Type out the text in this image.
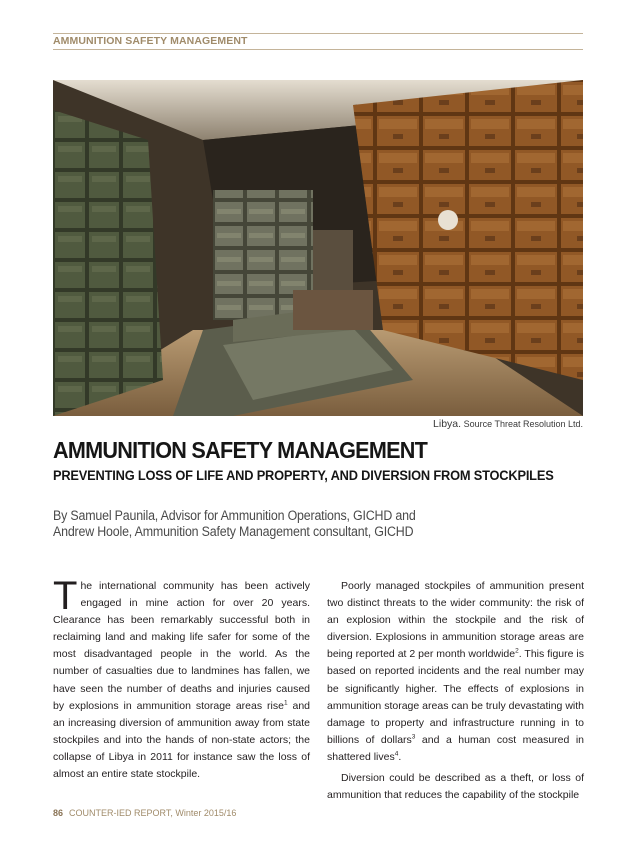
AMMUNITION SAFETY MANAGEMENT
Libya. Source Threat Resolution Ltd.
AMMUNITION SAFETY MANAGEMENT
PREVENTING LOSS OF LIFE AND PROPERTY, AND DIVERSION FROM STOCKPILES
By Samuel Paunila, Advisor for Ammunition Operations, GICHD and
Andrew Hoole, Ammunition Safety Management consultant, GICHD

The international community has been actively engaged in mine action for over 20 years. Clearance has been remarkably successful both in reclaiming land and making life safer for some of the most disadvantaged people in the world. As the number of casualties due to landmines has fallen, we have seen the number of deaths and injuries caused by explosions in ammunition storage areas rise$^1$ and an increasing diversion of ammunition away from state stockpiles and into the hands of non-state actors; the collapse of Libya in 2011 for instance saw the loss of almost an entire state stockpile.

Poorly managed stockpiles of ammunition present two distinct threats to the wider community: the risk of an explosion within the stockpile and the risk of diversion. Explosions in ammunition storage areas are being reported at 2 per month worldwide$^2$. This figure is based on reported incidents and the real number may be significantly higher. The effects of explosions in ammunition storage areas can be truly devastating with damage to property and infrastructure running in to billions of dollars$^3$ and a human cost measured in shattered lives$^4$.

Diversion could be described as a theft, or loss of ammunition that reduces the capability of the stockpile

86 COUNTER-IED REPORT, Winter 2015/16
